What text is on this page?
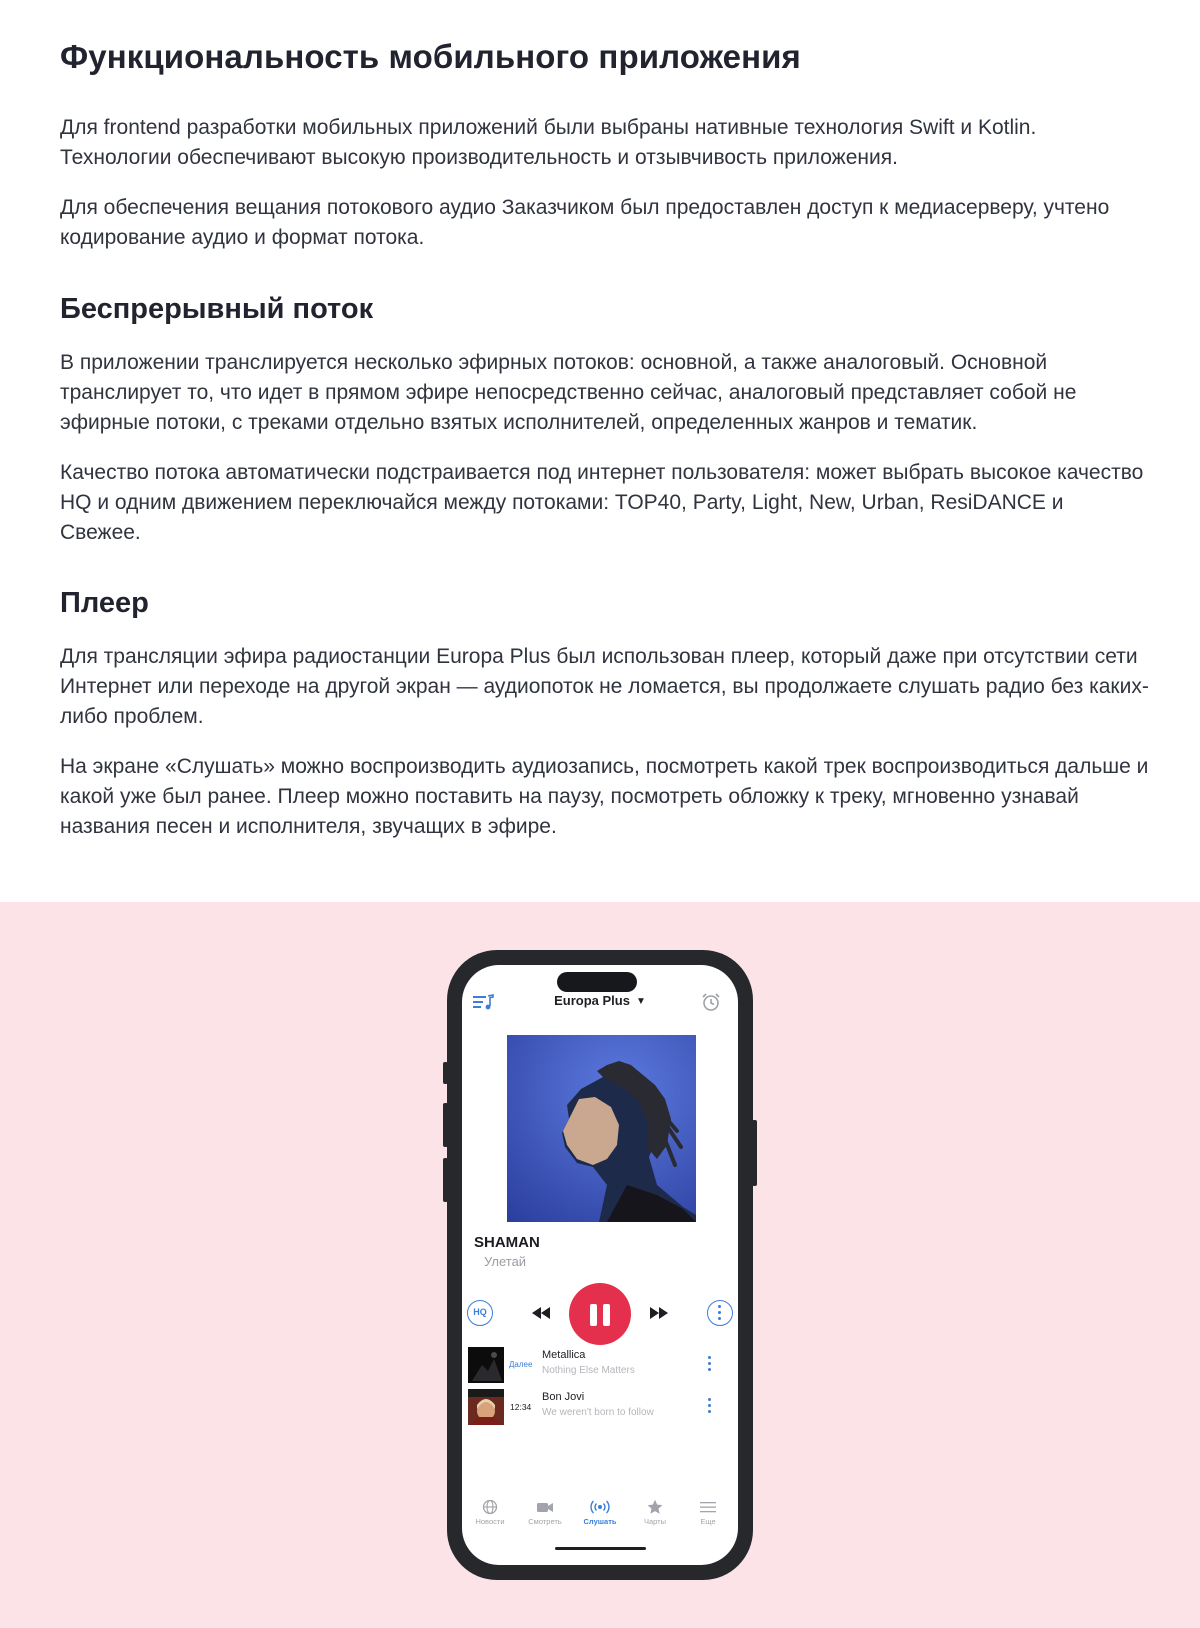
Функциональность мобильного приложения

Для frontend разработки мобильных приложений были выбраны нативные технология Swift и Kotlin. Технологии обеспечивают высокую производительность и отзывчивость приложения.

Для обеспечения вещания потокового аудио Заказчиком был предоставлен доступ к медиасерверу, учтено кодирование аудио и формат потока.

Беспрерывный поток

В приложении транслируется несколько эфирных потоков: основной, а также аналоговый. Основной транслирует то, что идет в прямом эфире непосредственно сейчас, аналоговый представляет собой не эфирные потоки, с треками отдельно взятых исполнителей, определенных жанров и тематик.

Качество потока автоматически подстраивается под интернет пользователя: может выбрать высокое качество HQ и одним движением переключайся между потоками: TOP40, Party, Light, New, Urban, ResiDANCE и Свежее.

Плеер

Для трансляции эфира радиостанции Europa Plus был использован плеер, который даже при отсутствии сети Интернет или переходе на другой экран — аудиопоток не ломается, вы продолжаете слушать радио без каких-либо проблем.

На экране «Слушать» можно воспроизводить аудиозапись, посмотреть какой трек воспроизводиться дальше и какой уже был ранее. Плеер можно поставить на паузу, посмотреть обложку к треку, мгновенно узнавай названия песен и исполнителя, звучащих в эфире.

Europa Plus ▼
SHAMAN
Улетай
HQ
Далее
Metallica
Nothing Else Matters
12:34
Bon Jovi
We weren't born to follow
Новости	Смотреть	Слушать	Чарты	Еще
